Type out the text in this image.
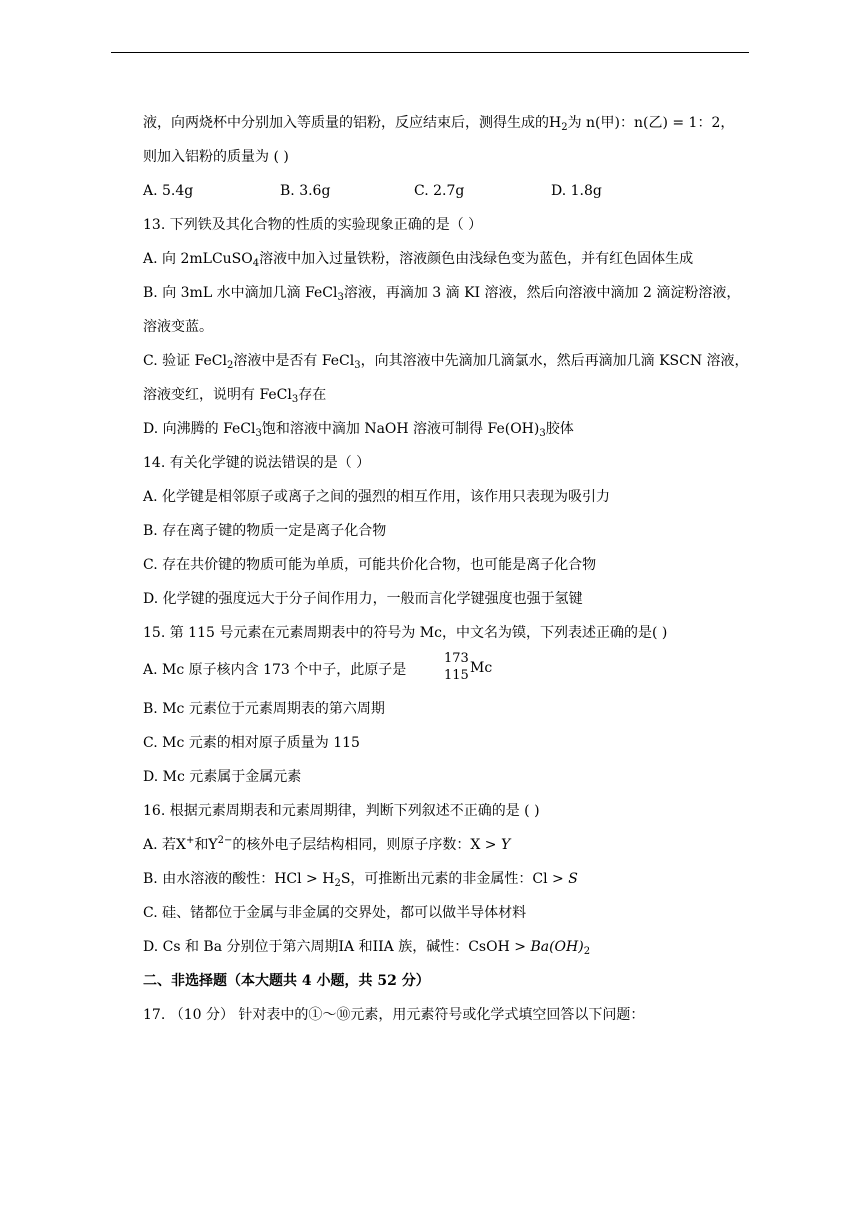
液，向两烧杯中分别加入等质量的铝粉，反应结束后，测得生成的$H_2$为 n(甲)：n(乙) = 1：2，
则加入铝粉的质量为 ( )
A. 5.4g	B. 3.6g	C. 2.7g	D. 1.8g
13. 下列铁及其化合物的性质的实验现象正确的是（ ）
A. 向 2mLCuSO$_4$溶液中加入过量铁粉，溶液颜色由浅绿色变为蓝色，并有红色固体生成
B. 向 3mL 水中滴加几滴 FeCl$_3$溶液，再滴加 3 滴 KI 溶液，然后向溶液中滴加 2 滴淀粉溶液，
溶液变蓝。
C. 验证 FeCl$_2$溶液中是否有 FeCl$_3$，向其溶液中先滴加几滴氯水，然后再滴加几滴 KSCN 溶液，
溶液变红，说明有 FeCl$_3$存在
D. 向沸腾的 FeCl$_3$饱和溶液中滴加 NaOH 溶液可制得 $Fe(OH)_3$胶体
14. 有关化学键的说法错误的是（ ）
A. 化学键是相邻原子或离子之间的强烈的相互作用，该作用只表现为吸引力
B. 存在离子键的物质一定是离子化合物
C. 存在共价键的物质可能为单质，可能共价化合物，也可能是离子化合物
D. 化学键的强度远大于分子间作用力，一般而言化学键强度也强于氢键
15. 第 115 号元素在元素周期表中的符号为 Mc，中文名为镆，下列表述正确的是( )
A. Mc 原子核内含 173 个中子，此原子是
173
115 Mc
B. Mc 元素位于元素周期表的第六周期
C. Mc 元素的相对原子质量为 115
D. Mc 元素属于金属元素
16. 根据元素周期表和元素周期律，判断下列叙述不正确的是 ( )
A. 若X+和$Y^{2-}$的核外电子层结构相同，则原子序数：X > Y
B. 由水溶液的酸性：HCl > $H_2S$，可推断出元素的非金属性：Cl > S
C. 硅、锗都位于金属与非金属的交界处，都可以做半导体材料
D. Cs 和 Ba 分别位于第六周期IA 和IIA 族，碱性：CsOH > $Ba(OH)_2$
二、非选择题（本大题共 4 小题，共 52 分）
17. （10 分） 针对表中的①～⑩元素，用元素符号或化学式填空回答以下问题：
